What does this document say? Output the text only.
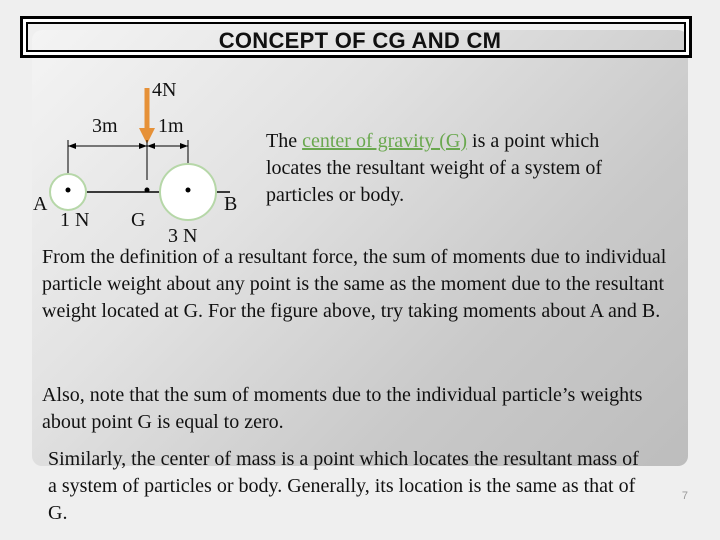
CONCEPT OF CG AND CM
4N
3m 1m
A	B
G
1 N
3 N
The center of gravity (G) is a point which locates the resultant weight of a system of particles or body.
From the definition of a resultant force, the sum of moments due to individual particle weight about any point is the same as the moment due to the resultant weight located at G. For the figure above, try taking moments about A and B.
Also, note that the sum of moments due to the individual particle’s weights about point G is equal to zero.
Similarly, the center of mass is a point which locates the resultant mass of a system of particles or body. Generally, its location is the same as that of G.
7
